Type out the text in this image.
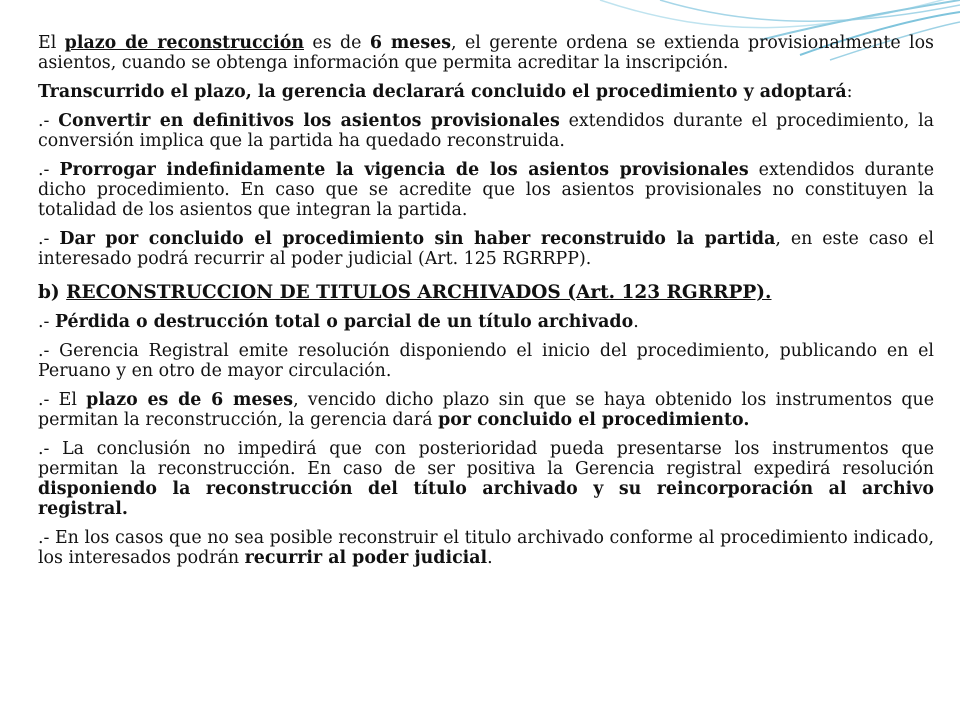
El plazo de reconstrucción es de 6 meses, el gerente ordena se extienda provisionalmente los asientos, cuando se obtenga información que permita acreditar la inscripción.

Transcurrido el plazo, la gerencia declarará concluido el procedimiento y adoptará:

.- Convertir en definitivos los asientos provisionales extendidos durante el procedimiento, la conversión implica que la partida ha quedado reconstruida.

.- Prorrogar indefinidamente la vigencia de los asientos provisionales extendidos durante dicho procedimiento. En caso que se acredite que los asientos provisionales no constituyen la totalidad de los asientos que integran la partida.

.- Dar por concluido el procedimiento sin haber reconstruido la partida, en este caso el interesado podrá recurrir al poder judicial (Art. 125 RGRRPP).

b) RECONSTRUCCION DE TITULOS ARCHIVADOS (Art. 123 RGRRPP).

.- Pérdida o destrucción total o parcial de un título archivado.

.- Gerencia Registral emite resolución disponiendo el inicio del procedimiento, publicando en el Peruano y en otro de mayor circulación.

.- El plazo es de 6 meses, vencido dicho plazo sin que se haya obtenido los instrumentos que permitan la reconstrucción, la gerencia dará por concluido el procedimiento.

.- La conclusión no impedirá que con posterioridad pueda presentarse los instrumentos que permitan la reconstrucción. En caso de ser positiva la Gerencia registral expedirá resolución disponiendo la reconstrucción del título archivado y su reincorporación al archivo registral.

.- En los casos que no sea posible reconstruir el titulo archivado conforme al procedimiento indicado, los interesados podrán recurrir al poder judicial.
